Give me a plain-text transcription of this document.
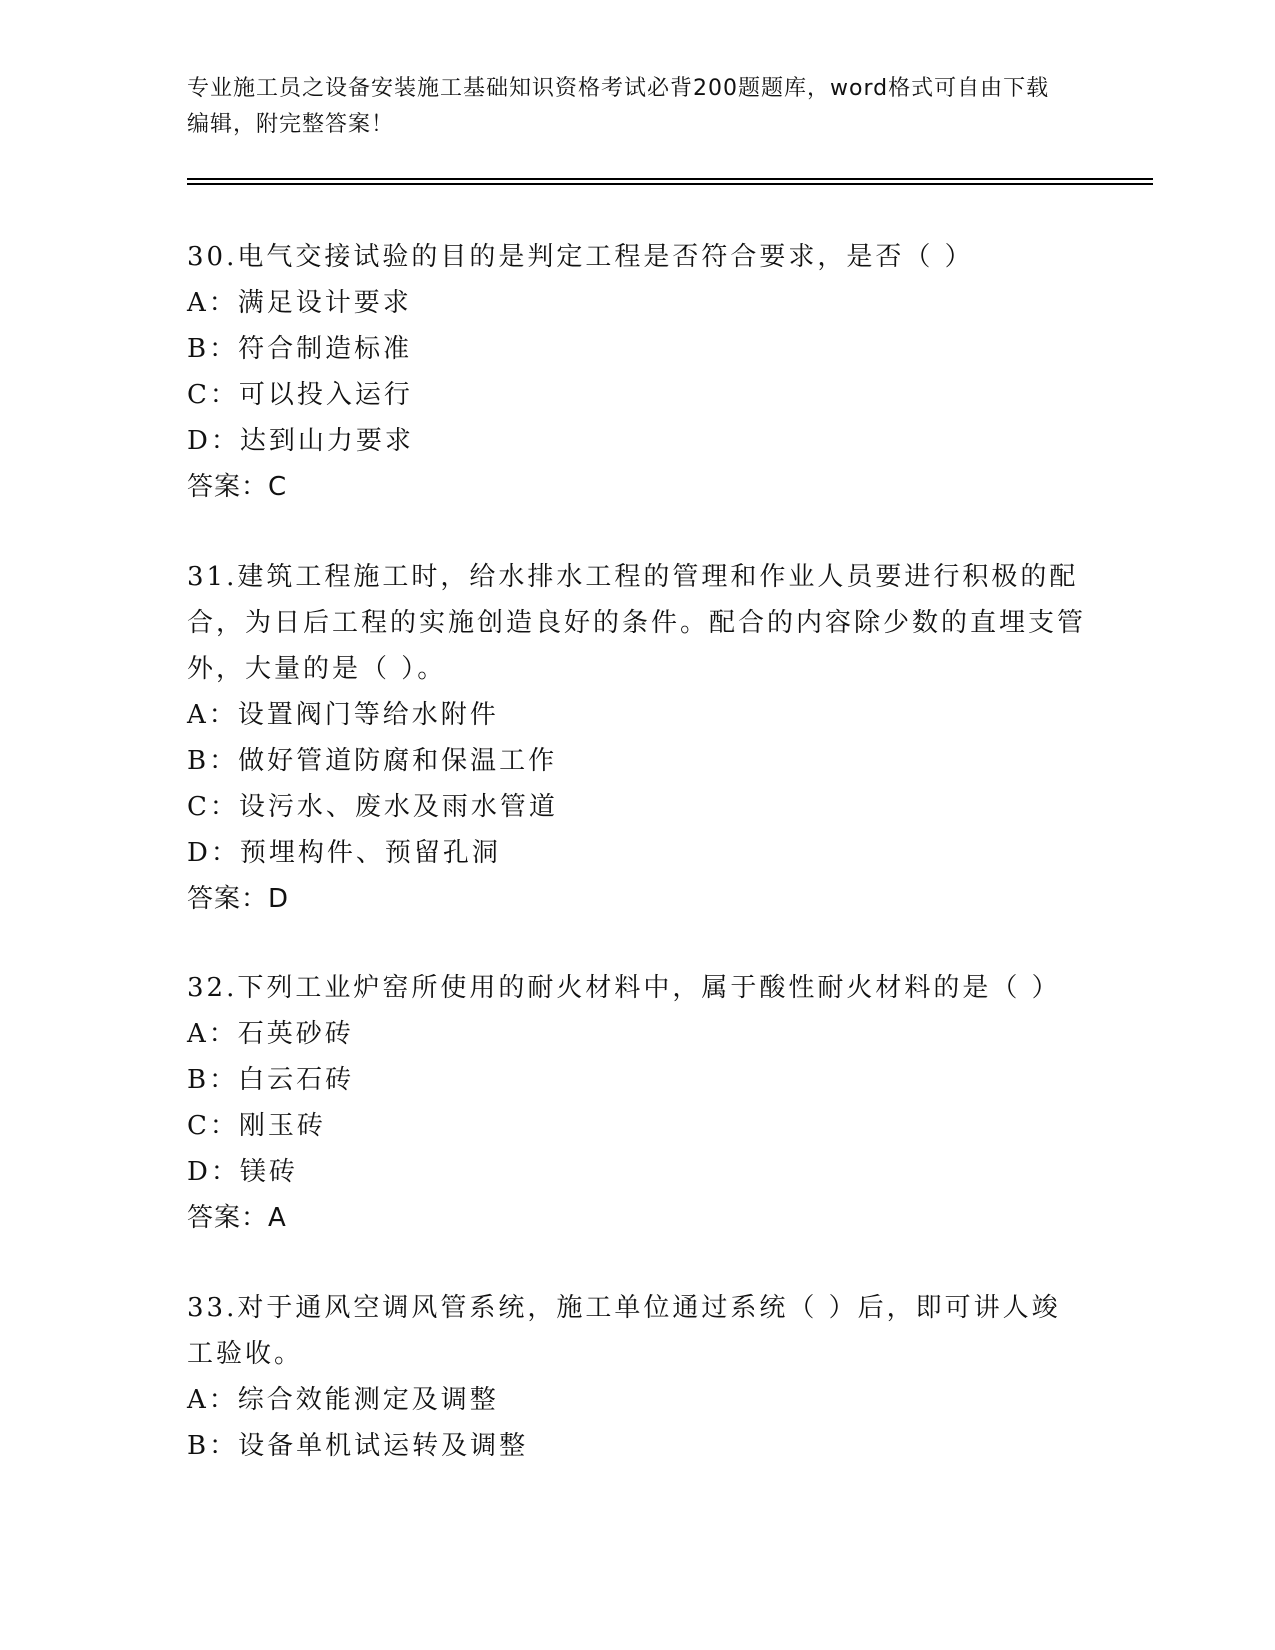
专业施工员之设备安装施工基础知识资格考试必背200题题库，word格式可自由下载编辑，附完整答案！

30.电气交接试验的目的是判定工程是否符合要求，是否（ ）

A：满足设计要求

B：符合制造标准

C：可以投入运行

D：达到山力要求

答案：C

31.建筑工程施工时，给水排水工程的管理和作业人员要进行积极的配合，为日后工程的实施创造良好的条件。配合的内容除少数的直埋支管外，大量的是（ ）。

A：设置阀门等给水附件

B：做好管道防腐和保温工作

C：设污水、废水及雨水管道

D：预埋构件、预留孔洞

答案：D

32.下列工业炉窑所使用的耐火材料中，属于酸性耐火材料的是（ ）

A：石英砂砖

B：白云石砖

C：刚玉砖

D：镁砖

答案：A

33.对于通风空调风管系统，施工单位通过系统（ ）后，即可讲人竣工验收。

A：综合效能测定及调整

B：设备单机试运转及调整
